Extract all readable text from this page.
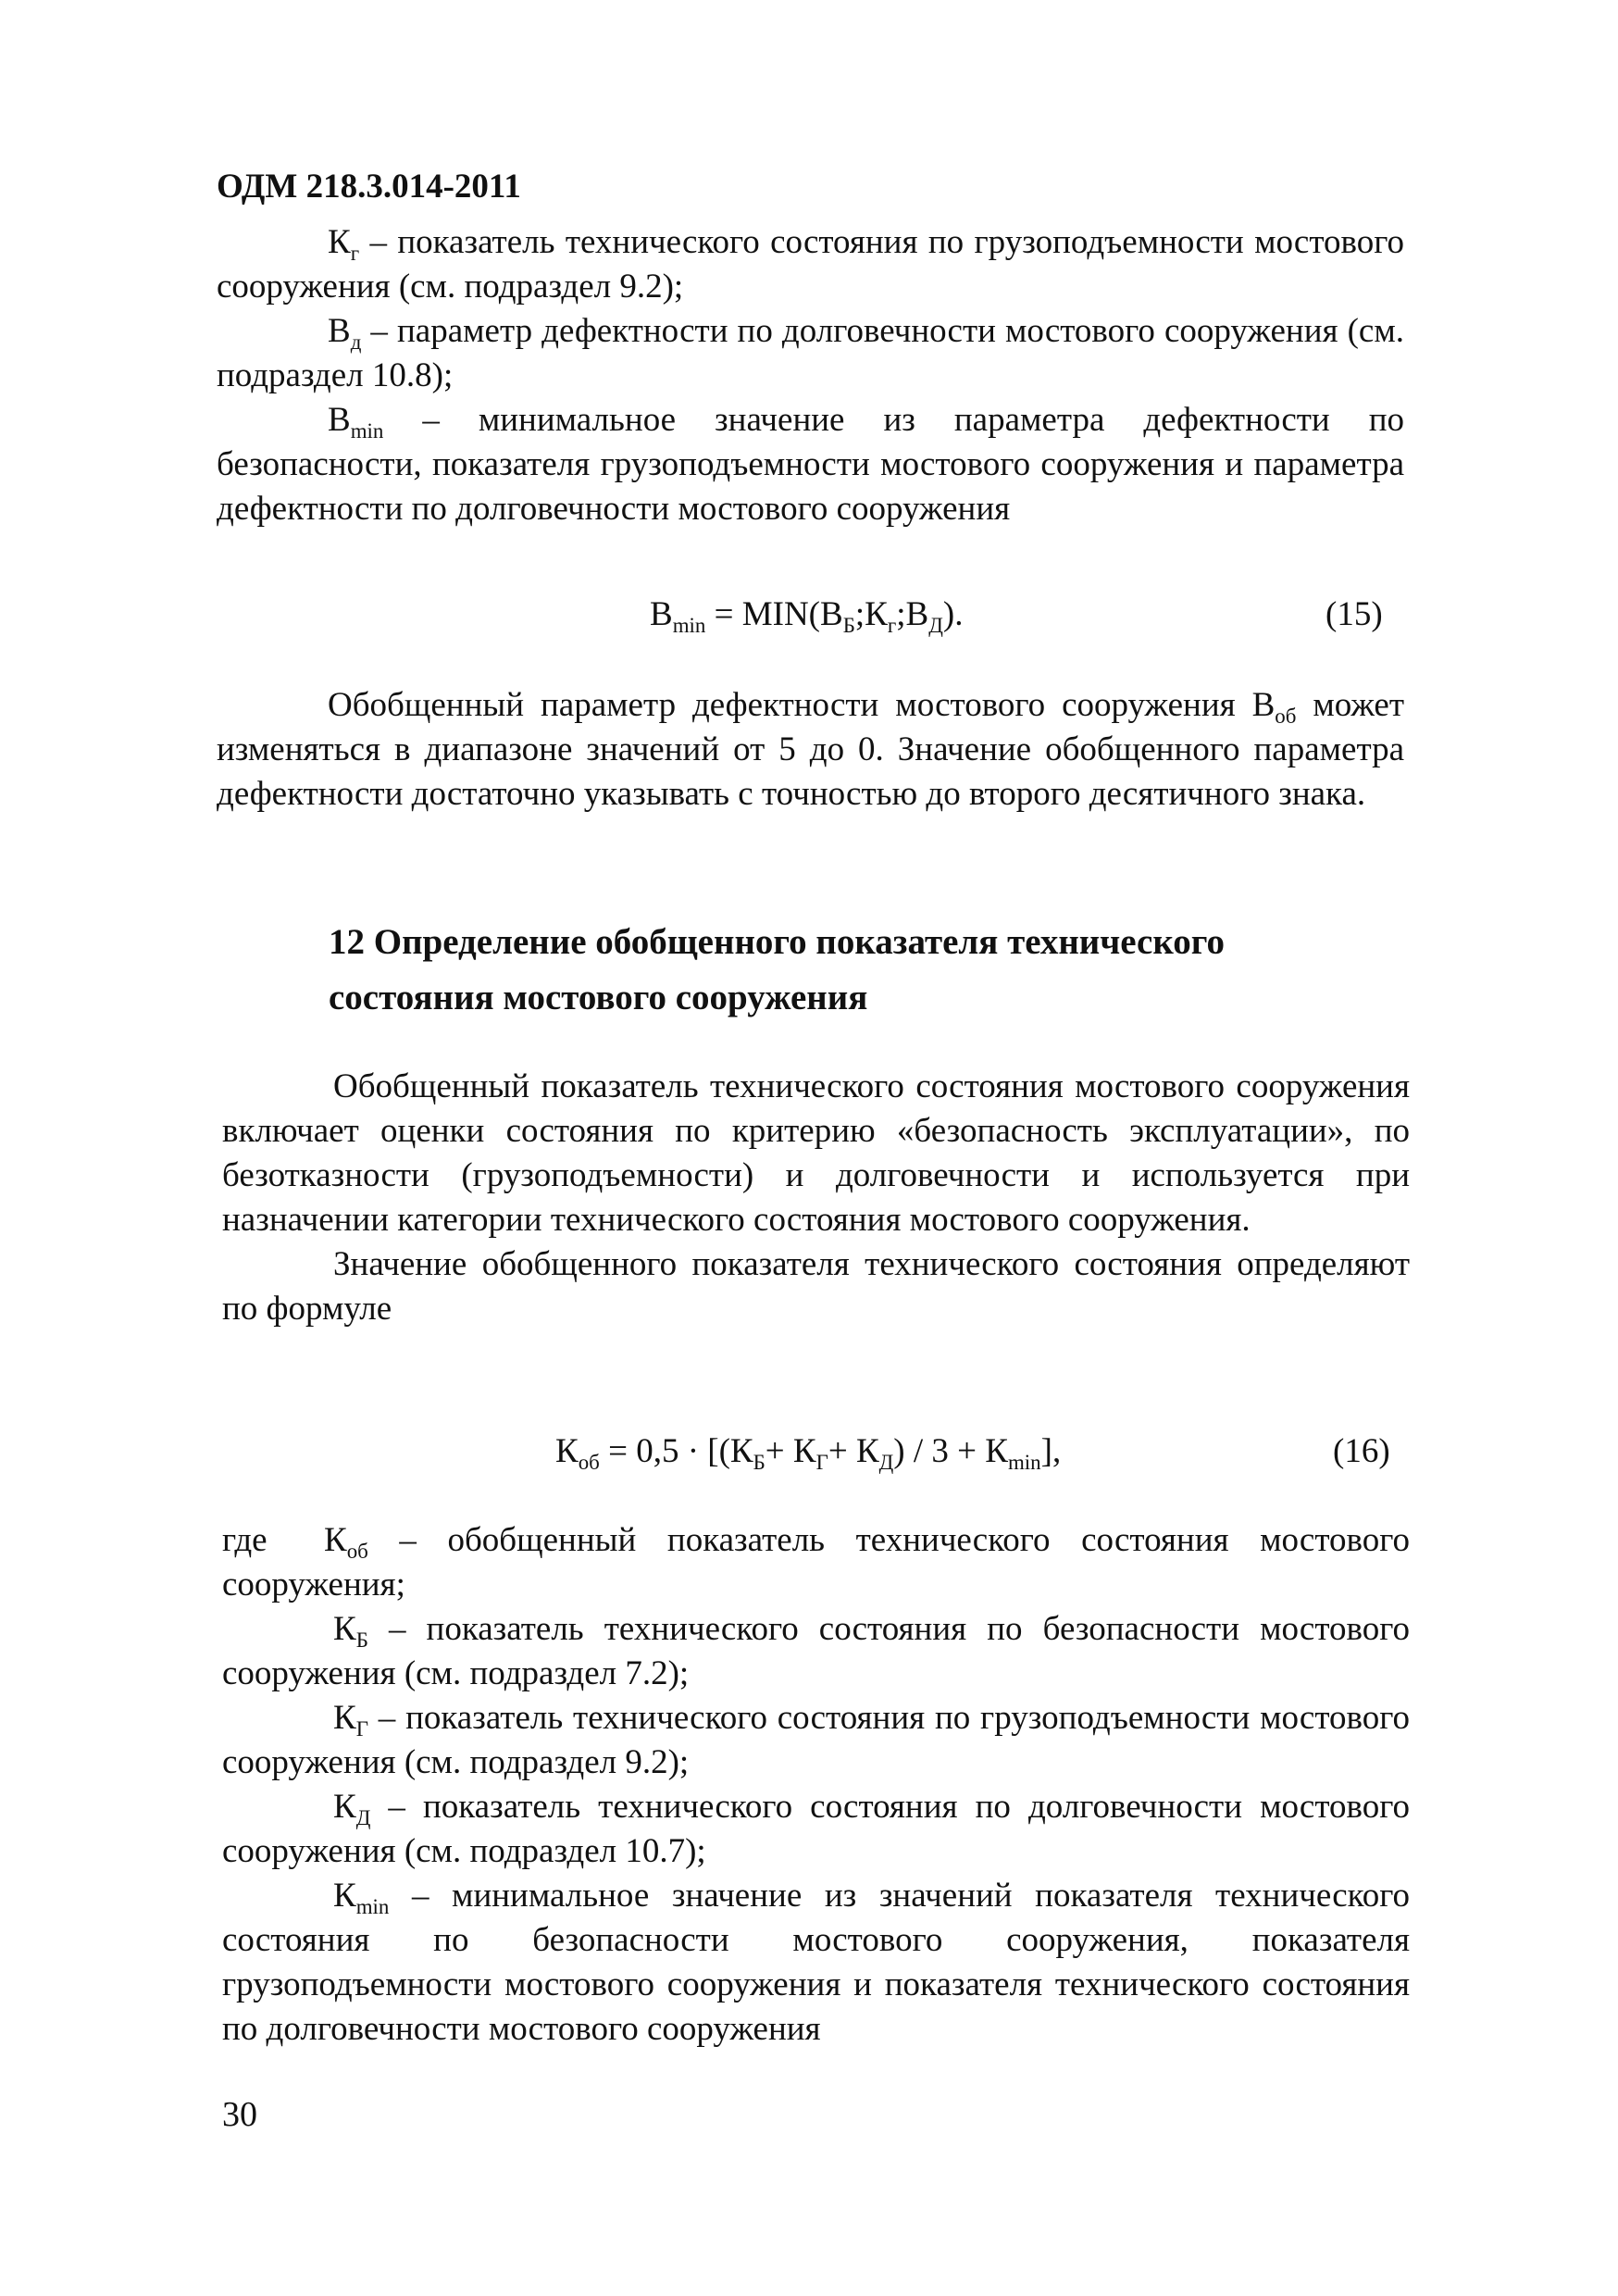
ОДМ 218.3.014-2011

$К_г$ – показатель технического состояния по грузоподъемности мостового сооружения (см. подраздел 9.2);

$В_д$ – параметр дефектности по долговечности мостового сооружения (см. подраздел 10.8);

$В_{min}$ – минимальное значение из параметра дефектности по безопасности, показателя грузоподъемности мостового сооружения и параметра дефектности по долговечности мостового сооружения

$В_{min}$ = $MIN(В_Б;К_г;В_Д)$.	(15)

Обобщенный параметр дефектности мостового сооружения $В_{об}$ может изменяться в диапазоне значений от 5 до 0. Значение обобщенного параметра дефектности достаточно указывать с точностью до второго десятичного знака.

12 Определение обобщенного показателя технического
состояния мостового сооружения

Обобщенный показатель технического состояния мостового сооружения включает оценки состояния по критерию «безопасность эксплуатации», по безотказности (грузоподъемности) и долговечности и используется при назначении категории технического состояния мостового сооружения.

Значение обобщенного показателя технического состояния определяют по формуле

$К_{об} = 0,5 \cdot [(К_Б+ К_Г+ К_Д) / 3 + К_{min}]$,	(16)

где $К_{об}$ – обобщенный показатель технического состояния мостового сооружения;

$К_Б$ – показатель технического состояния по безопасности мостового сооружения (см. подраздел 7.2);

$К_Г$ – показатель технического состояния по грузоподъемности мостового сооружения (см. подраздел 9.2);

$К_Д$ – показатель технического состояния по долговечности мостового сооружения (см. подраздел 10.7);

$К_{min}$ – минимальное значение из значений показателя технического состояния по безопасности мостового сооружения, показателя грузоподъемности мостового сооружения и показателя технического состояния по долговечности мостового сооружения

30
